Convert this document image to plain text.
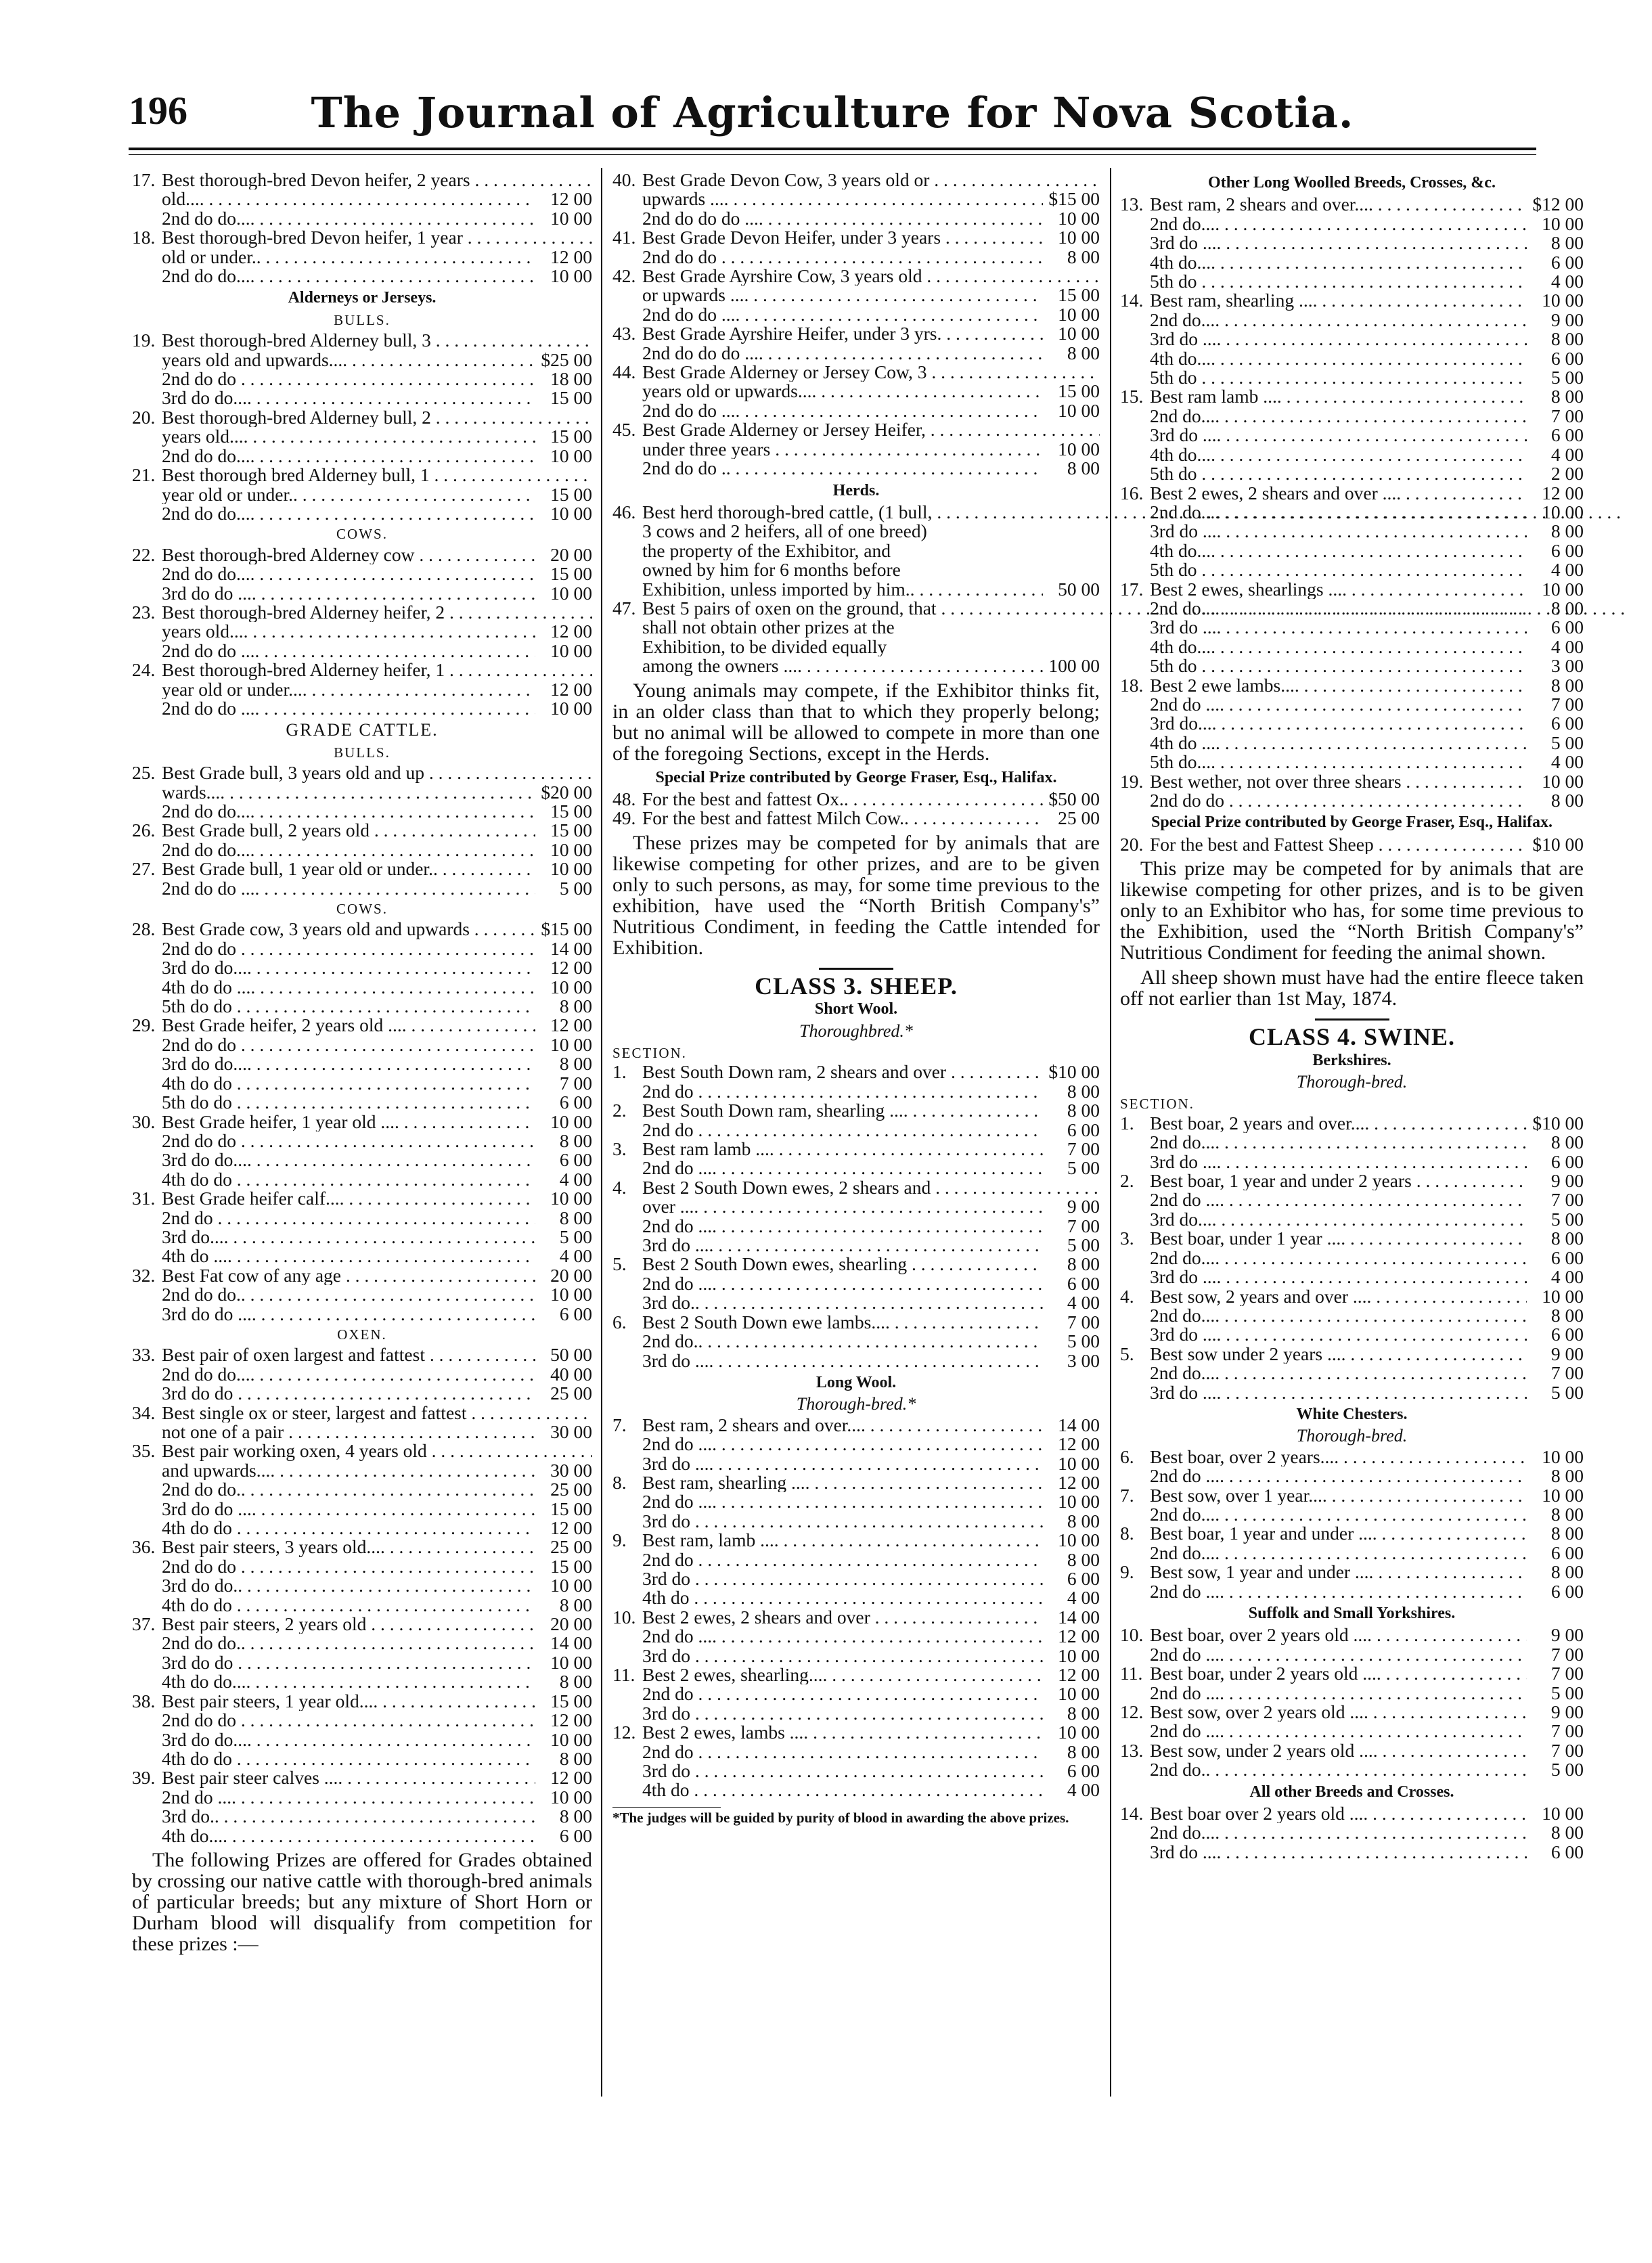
196	The Journal of Agriculture for Nova Scotia.
17. Best thorough-bred Devon heifer, 2 years . . .
old.... . . .	12 00
2nd do do.... . . .	10 00
18. Best thorough-bred Devon heifer, 1 year . . .
old or under.. . . .	12 00
2nd do do.... . . .	10 00
Alderneys or Jerseys.
BULLS.
19. Best thorough-bred Alderney bull, 3 . . .
years old and upwards.... . . .	$25 00
2nd do do . . .	18 00
3rd do do.... . . .	15 00
20. Best thorough-bred Alderney bull, 2 . . .
years old.... . . .	15 00
2nd do do.... . . .	10 00
21. Best thorough bred Alderney bull, 1 . . .
year old or under.. . . .	15 00
2nd do do.... . . .	10 00
COWS.
22. Best thorough-bred Alderney cow . . .	20 00
2nd do do.... . . .	15 00
3rd do do .... . . .	10 00
23. Best thorough-bred Alderney heifer, 2 . . .
years old.... . . .	12 00
2nd do do .... . . .	10 00
24. Best thorough-bred Alderney heifer, 1 . . .
year old or under.... . . .	12 00
2nd do do .... . . .	10 00
GRADE CATTLE.
BULLS.
25. Best Grade bull, 3 years old and up . . .
wards.... . . .	$20 00
2nd do do.... . . .	15 00
26. Best Grade bull, 2 years old . . .	15 00
2nd do do.... . . .	10 00
27. Best Grade bull, 1 year old or under.. . . .	10 00
2nd do do .... . . .	5 00
COWS.
28. Best Grade cow, 3 years old and upwards . . .	$15 00
2nd do do . . .	14 00
3rd do do.... . . .	12 00
4th do do .... . . .	10 00
5th do do . . .	8 00
29. Best Grade heifer, 2 years old .... . . .	12 00
2nd do do . . .	10 00
3rd do do.... . . .	8 00
4th do do . . .	7 00
5th do do . . .	6 00
30. Best Grade heifer, 1 year old .... . . .	10 00
2nd do do . . .	8 00
3rd do do.... . . .	6 00
4th do do . . .	4 00
31. Best Grade heifer calf.... . . .	10 00
2nd do . . .	8 00
3rd do.... . . .	5 00
4th do .... . . .	4 00
32. Best Fat cow of any age . . .	20 00
2nd do do.. . . .	10 00
3rd do do .... . . .	6 00
OXEN.
33. Best pair of oxen largest and fattest . . .	50 00
2nd do do.... . . .	40 00
3rd do do . . .	25 00
34. Best single ox or steer, largest and fattest . . .
not one of a pair . . .	30 00
35. Best pair working oxen, 4 years old . . .
and upwards.... . . .	30 00
2nd do do.. . . .	25 00
3rd do do .... . . .	15 00
4th do do . . .	12 00
36. Best pair steers, 3 years old.... . . .	25 00
2nd do do . . .	15 00
3rd do do.. . . .	10 00
4th do do . . .	8 00
37. Best pair steers, 2 years old . . .	20 00
2nd do do.. . . .	14 00
3rd do do . . .	10 00
4th do do.... . . .	8 00
38. Best pair steers, 1 year old.... . . .	15 00
2nd do do . . .	12 00
3rd do do.... . . .	10 00
4th do do . . .	8 00
39. Best pair steer calves .... . . .	12 00
2nd do .... . . .	10 00
3rd do.. . . .	8 00
4th do.... . . .	6 00
The following Prizes are offered for Grades obtained by crossing our native cattle with thorough-bred animals of particular breeds; but any mixture of Short Horn or Durham blood will disqualify from competition for these prizes :—
40. Best Grade Devon Cow, 3 years old or . . .
upwards .... . . .	$15 00
2nd do do do .... . . .	10 00
41. Best Grade Devon Heifer, under 3 years . . .	10 00
2nd do do . . .	8 00
42. Best Grade Ayrshire Cow, 3 years old . . .
or upwards .... . . .	15 00
2nd do do .... . . .	10 00
43. Best Grade Ayrshire Heifer, under 3 yrs. . . .	10 00
2nd do do do .... . . .	8 00
44. Best Grade Alderney or Jersey Cow, 3 . . .
years old or upwards.... . . .	15 00
2nd do do .... . . .	10 00
45. Best Grade Alderney or Jersey Heifer, . . .
under three years . . .	10 00
2nd do do .. . . .	8 00
Herds.
46. Best herd thorough-bred cattle, (1 bull, . . .
3 cows and 2 heifers, all of one breed)
the property of the Exhibitor, and
owned by him for 6 months before
Exhibition, unless imported by him.. . . .	50 00
47. Best 5 pairs of oxen on the ground, that . . .
shall not obtain other prizes at the
Exhibition, to be divided equally
among the owners .... . . .	100 00
Young animals may compete, if the Exhibitor thinks fit, in an older class than that to which they properly belong; but no animal will be allowed to compete in more than one of the foregoing Sections, except in the Herds.
Special Prize contributed by George Fraser, Esq., Halifax.
48. For the best and fattest Ox.. . . .	$50 00
49. For the best and fattest Milch Cow.. . . .	25 00
These prizes may be competed for by animals that are likewise competing for other prizes, and are to be given only to such persons, as may, for some time previous to the exhibition, have used the “North British Company's” Nutritious Condiment, in feeding the Cattle intended for Exhibition.
CLASS 3. SHEEP.
Short Wool.
Thoroughbred.*
SECTION.
1. Best South Down ram, 2 shears and over . . .	$10 00
2nd do . . .	8 00
2. Best South Down ram, shearling .... . . .	8 00
2nd do . . .	6 00
3. Best ram lamb .... . . .	7 00
2nd do .... . . .	5 00
4. Best 2 South Down ewes, 2 shears and . . .
over .... . . .	9 00
2nd do .... . . .	7 00
3rd do .... . . .	5 00
5. Best 2 South Down ewes, shearling . . .	8 00
2nd do .... . . .	6 00
3rd do.. . . .	4 00
6. Best 2 South Down ewe lambs.... . . .	7 00
2nd do.. . . .	5 00
3rd do .... . . .	3 00
Long Wool.
Thorough-bred.*
7. Best ram, 2 shears and over.... . . .	14 00
2nd do .... . . .	12 00
3rd do .... . . .	10 00
8. Best ram, shearling .... . . .	12 00
2nd do .... . . .	10 00
3rd do . . .	8 00
9. Best ram, lamb .... . . .	10 00
2nd do . . .	8 00
3rd do . . .	6 00
4th do . . .	4 00
10. Best 2 ewes, 2 shears and over . . .	14 00
2nd do .... . . .	12 00
3rd do . . .	10 00
11. Best 2 ewes, shearling.... . . .	12 00
2nd do . . .	10 00
3rd do . . .	8 00
12. Best 2 ewes, lambs .... . . .	10 00
2nd do . . .	8 00
3rd do . . .	6 00
4th do . . .	4 00
*The judges will be guided by purity of blood in awarding the above prizes.
Other Long Woolled Breeds, Crosses, &c.
13. Best ram, 2 shears and over.... . . .	$12 00
2nd do.... . . .	10 00
3rd do .... . . .	8 00
4th do.... . . .	6 00
5th do . . .	4 00
14. Best ram, shearling .... . . .	10 00
2nd do.... . . .	9 00
3rd do .... . . .	8 00
4th do.... . . .	6 00
5th do . . .	5 00
15. Best ram lamb .... . . .	8 00
2nd do.... . . .	7 00
3rd do .... . . .	6 00
4th do.... . . .	4 00
5th do . . .	2 00
16. Best 2 ewes, 2 shears and over .... . . .	12 00
2nd do.... . . .	10 00
3rd do .... . . .	8 00
4th do.... . . .	6 00
5th do . . .	4 00
17. Best 2 ewes, shearlings .... . . .	10 00
2nd do.... . . .	8 00
3rd do .... . . .	6 00
4th do.... . . .	4 00
5th do . . .	3 00
18. Best 2 ewe lambs.... . . .	8 00
2nd do .... . . .	7 00
3rd do.... . . .	6 00
4th do .... . . .	5 00
5th do.... . . .	4 00
19. Best wether, not over three shears . . .	10 00
2nd do do . . .	8 00
Special Prize contributed by George Fraser, Esq., Halifax.
20. For the best and Fattest Sheep . . .	$10 00
This prize may be competed for by animals that are likewise competing for other prizes, and is to be given only to an Exhibitor who has, for some time previous to the Exhibition, used the “North British Company's” Nutritious Condiment for feeding the animal shown.
All sheep shown must have had the entire fleece taken off not earlier than 1st May, 1874.
CLASS 4. SWINE.
Berkshires.
Thorough-bred.
SECTION.
1. Best boar, 2 years and over.... . . .	$10 00
2nd do.... . . .	8 00
3rd do .... . . .	6 00
2. Best boar, 1 year and under 2 years . . .	9 00
2nd do .... . . .	7 00
3rd do.... . . .	5 00
3. Best boar, under 1 year .... . . .	8 00
2nd do.... . . .	6 00
3rd do .... . . .	4 00
4. Best sow, 2 years and over .... . . .	10 00
2nd do.... . . .	8 00
3rd do .... . . .	6 00
5. Best sow under 2 years .... . . .	9 00
2nd do.... . . .	7 00
3rd do .... . . .	5 00
White Chesters.
Thorough-bred.
6. Best boar, over 2 years.... . . .	10 00
2nd do .... . . .	8 00
7. Best sow, over 1 year.... . . .	10 00
2nd do.... . . .	8 00
8. Best boar, 1 year and under .... . . .	8 00
2nd do.... . . .	6 00
9. Best sow, 1 year and under .... . . .	8 00
2nd do .... . . .	6 00
Suffolk and Small Yorkshires.
10. Best boar, over 2 years old .... . . .	9 00
2nd do .... . . .	7 00
11. Best boar, under 2 years old .... . . .	7 00
2nd do .... . . .	5 00
12. Best sow, over 2 years old .... . . .	9 00
2nd do .... . . .	7 00
13. Best sow, under 2 years old .... . . .	7 00
2nd do.. . . .	5 00
All other Breeds and Crosses.
14. Best boar over 2 years old .... . . .	10 00
2nd do.... . . .	8 00
3rd do .... . . .	6 00
